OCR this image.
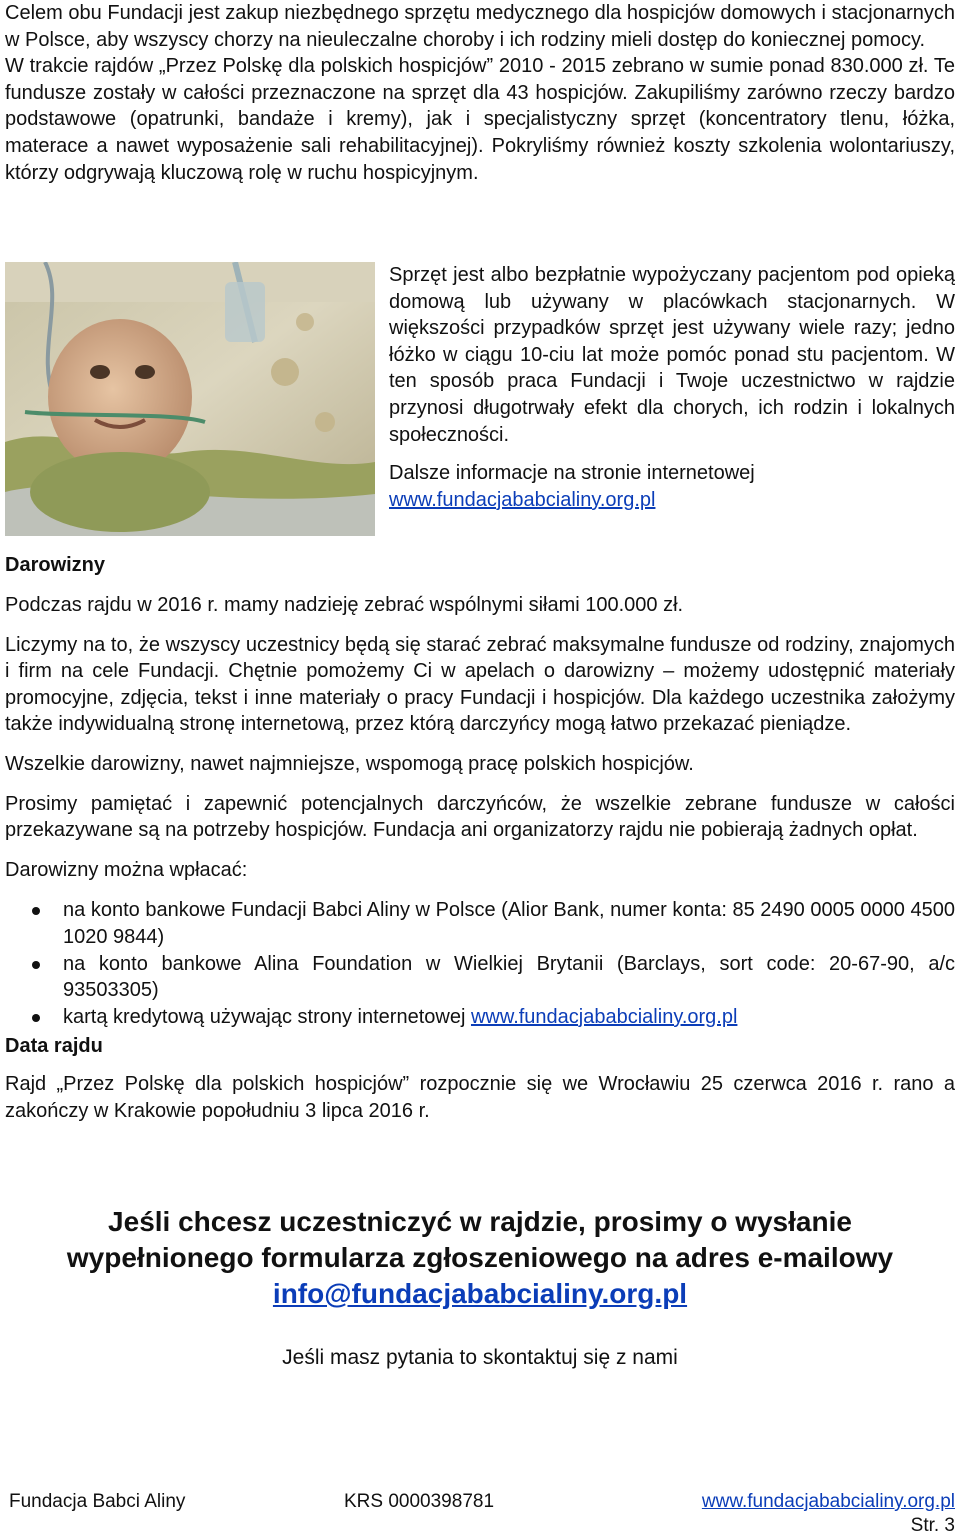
Celem obu Fundacji jest zakup niezbędnego sprzętu medycznego dla hospicjów domowych i stacjonarnych w Polsce, aby wszyscy chorzy na nieuleczalne choroby i ich rodziny mieli dostęp do koniecznej pomocy.

W trakcie rajdów „Przez Polskę dla polskich hospicjów” 2010 - 2015 zebrano w sumie ponad 830.000 zł. Te fundusze zostały w całości przeznaczone na sprzęt dla 43 hospicjów. Zakupiliśmy zarówno rzeczy bardzo podstawowe (opatrunki, bandaże i kremy), jak i specjalistyczny sprzęt (koncentratory tlenu, łóżka, materace a nawet wyposażenie sali rehabilitacyjnej). Pokryliśmy również koszty szkolenia wolontariuszy, którzy odgrywają kluczową rolę w ruchu hospicyjnym.

Sprzęt jest albo bezpłatnie wypożyczany pacjentom pod opieką domową lub używany w placówkach stacjonarnych. W większości przypadków sprzęt jest używany wiele razy; jedno łóżko w ciągu 10-ciu lat może pomóc ponad stu pacjentom. W ten sposób praca Fundacji i Twoje uczestnictwo w rajdzie przynosi długotrwały efekt dla chorych, ich rodzin i lokalnych społeczności.

Dalsze informacje na stronie internetowej
www.fundacjababcialiny.org.pl

Darowizny

Podczas rajdu w 2016 r. mamy nadzieję zebrać wspólnymi siłami 100.000 zł.

Liczymy na to, że wszyscy uczestnicy będą się starać zebrać maksymalne fundusze od rodziny, znajomych i firm na cele Fundacji. Chętnie pomożemy Ci w apelach o darowizny – możemy udostępnić materiały promocyjne, zdjęcia, tekst i inne materiały o pracy Fundacji i hospicjów. Dla każdego uczestnika założymy także indywidualną stronę internetową, przez którą darczyńcy mogą łatwo przekazać pieniądze.

Wszelkie darowizny, nawet najmniejsze, wspomogą pracę polskich hospicjów.

Prosimy pamiętać i zapewnić potencjalnych darczyńców, że wszelkie zebrane fundusze w całości przekazywane są na potrzeby hospicjów. Fundacja ani organizatorzy rajdu nie pobierają żadnych opłat.

Darowizny można wpłacać:

na konto bankowe Fundacji Babci Aliny w Polsce (Alior Bank, numer konta: 85 2490 0005 0000 4500 1020 9844)
na konto bankowe Alina Foundation w Wielkiej Brytanii (Barclays, sort code: 20-67-90, a/c 93503305)
kartą kredytową używając strony internetowej www.fundacjababcialiny.org.pl
Data rajdu

Rajd „Przez Polskę dla polskich hospicjów” rozpocznie się we Wrocławiu 25 czerwca 2016 r. rano a zakończy w Krakowie popołudniu 3 lipca 2016 r.

Jeśli chcesz uczestniczyć w rajdzie, prosimy o wysłanie
wypełnionego formularza zgłoszeniowego na adres e-mailowy
info@fundacjababcialiny.org.pl
Jeśli masz pytania to skontaktuj się z nami
Fundacja Babci Aliny	KRS 0000398781	www.fundacjababcialiny.org.pl
Str. 3
